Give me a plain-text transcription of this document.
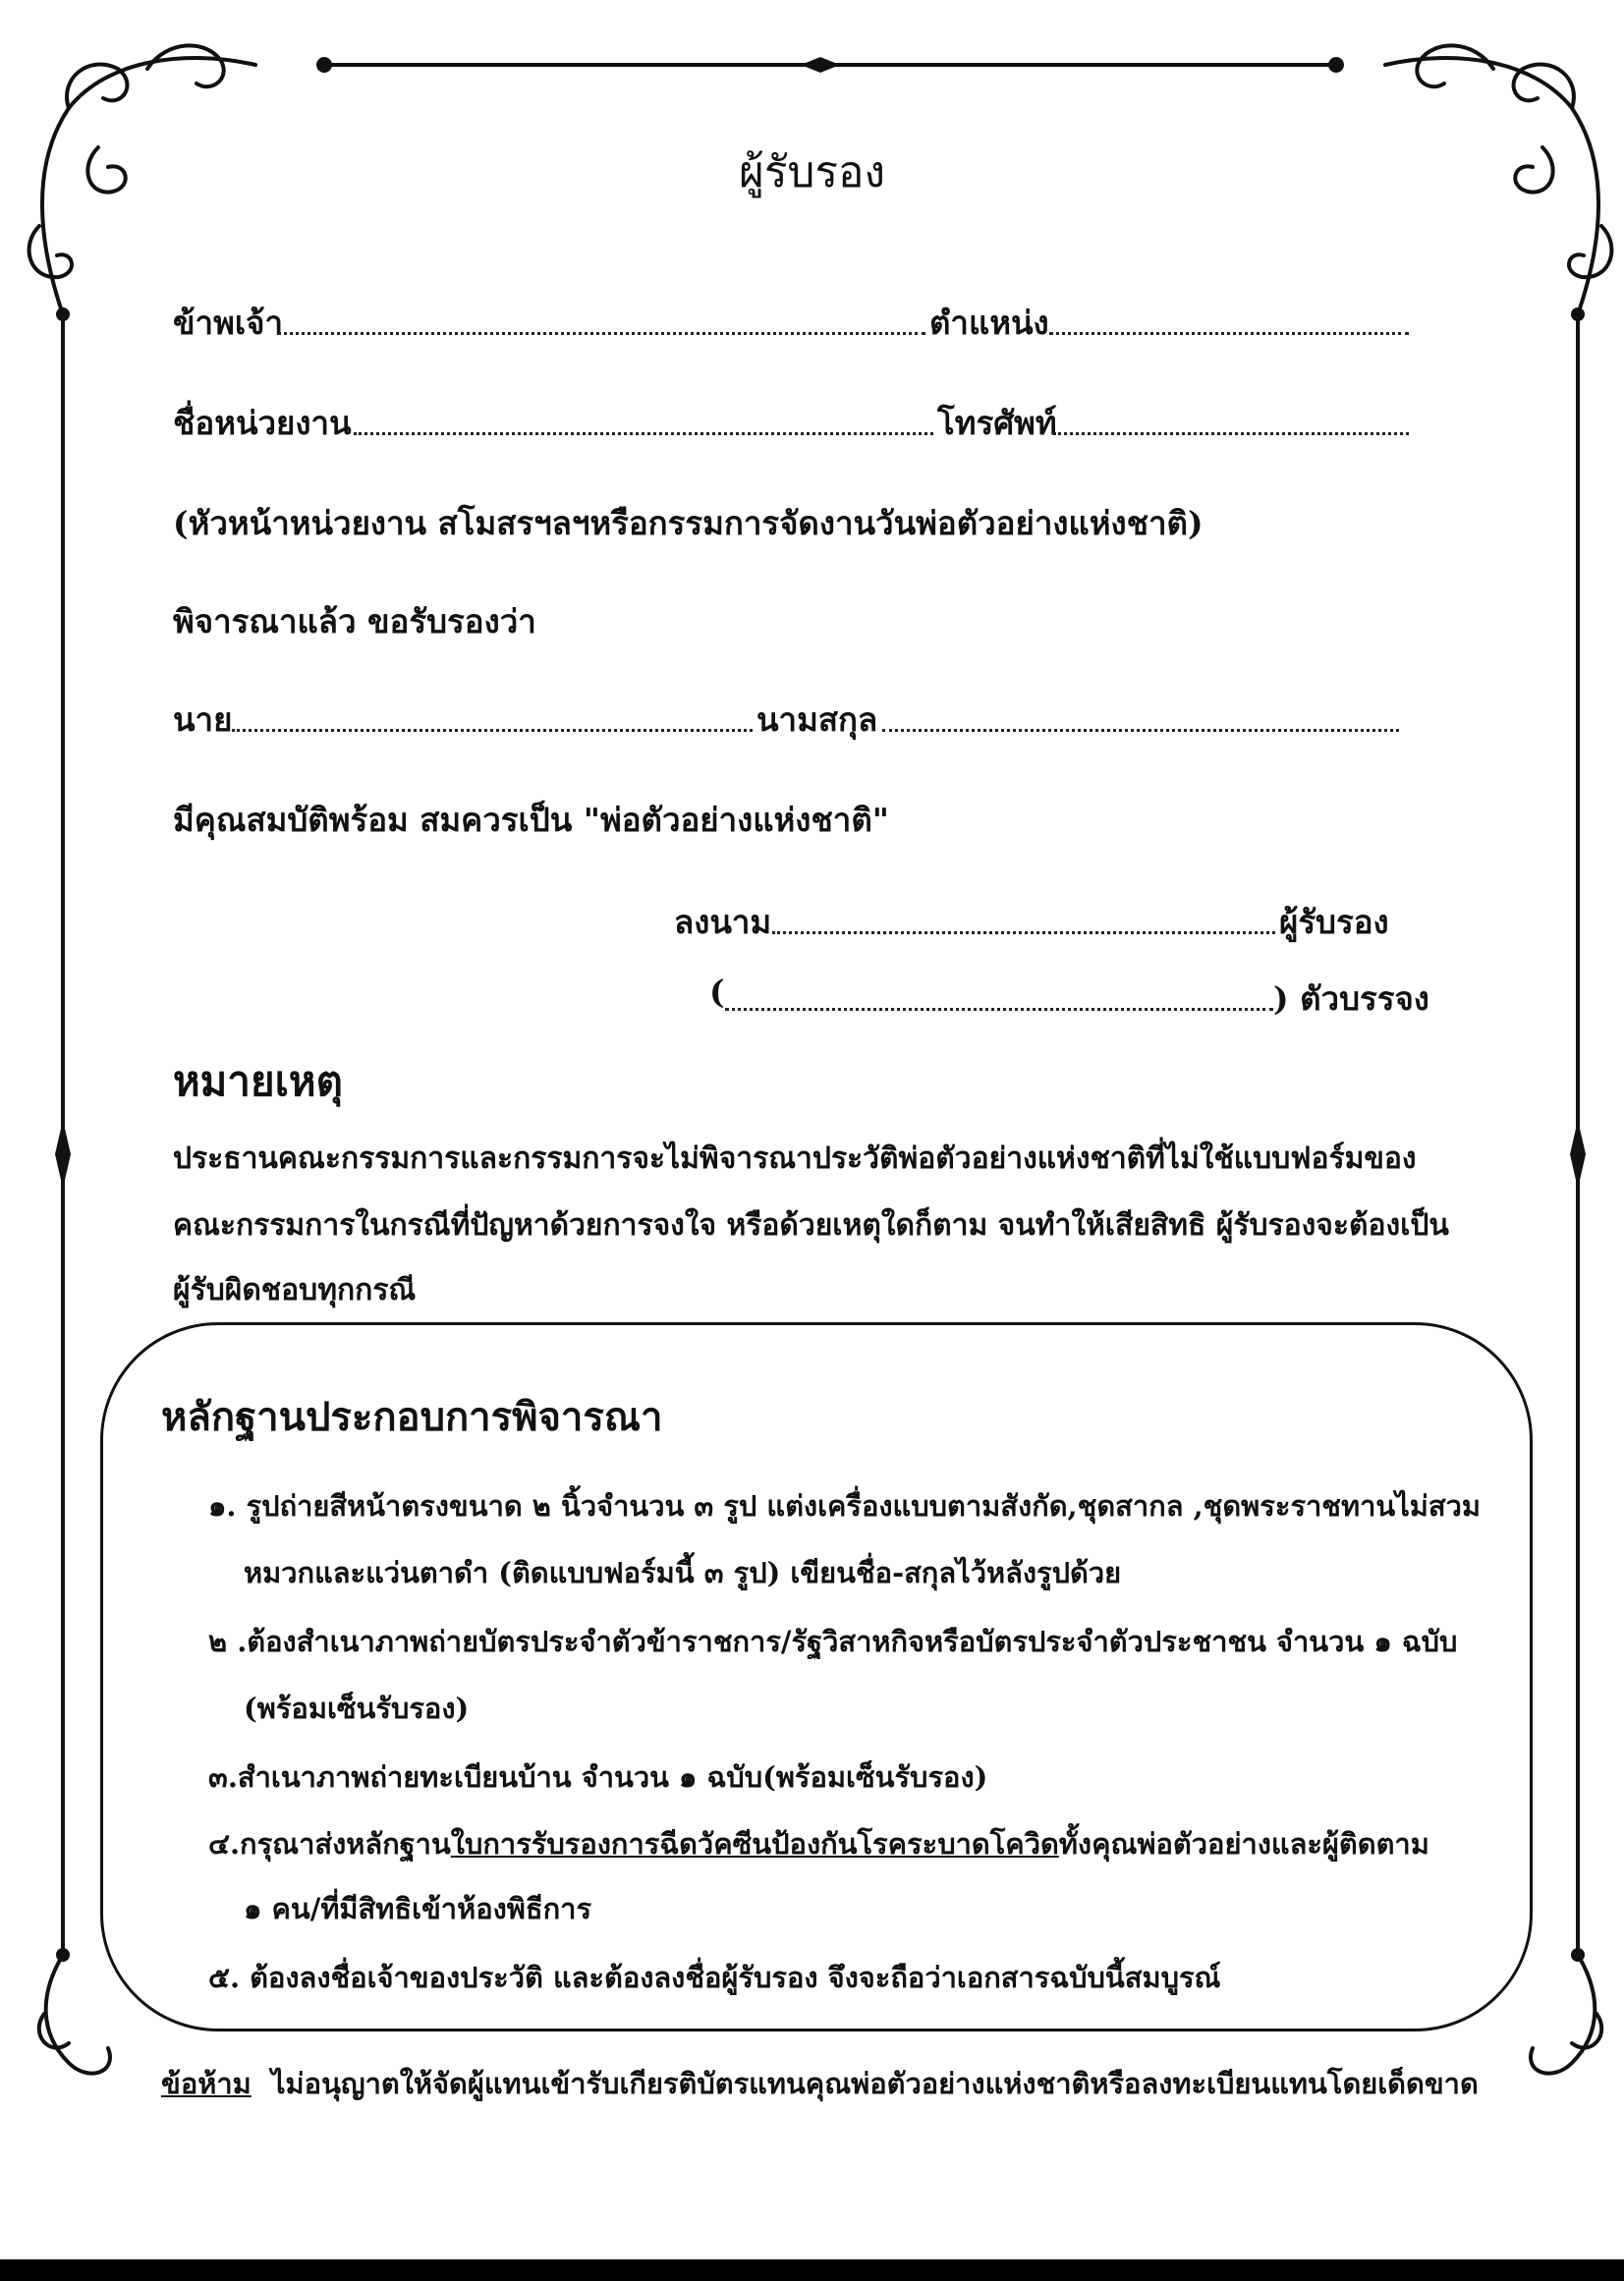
ผู้รับรอง
ข้าพเจ้า	ตำแหน่ง
ชื่อหน่วยงาน	โทรศัพท์
(หัวหน้าหน่วยงาน สโมสรฯลฯหรือกรรมการจัดงานวันพ่อตัวอย่างแห่งชาติ)
พิจารณาแล้ว ขอรับรองว่า
นาย	นามสกุล
มีคุณสมบัติพร้อม สมควรเป็น "พ่อตัวอย่างแห่งชาติ"
ลงนาม	ผู้รับรอง
(	) ตัวบรรจง
หมายเหตุ
ประธานคณะกรรมการและกรรมการจะไม่พิจารณาประวัติพ่อตัวอย่างแห่งชาติที่ไม่ใช้แบบฟอร์มของ
คณะกรรมการในกรณีที่ปัญหาด้วยการจงใจ หรือด้วยเหตุใดก็ตาม จนทำให้เสียสิทธิ ผู้รับรองจะต้องเป็น
ผู้รับผิดชอบทุกกรณี
หลักฐานประกอบการพิจารณา
๑. รูปถ่ายสีหน้าตรงขนาด ๒ นิ้วจำนวน ๓ รูป แต่งเครื่องแบบตามสังกัด,ชุดสากล ,ชุดพระราชทานไม่สวม
หมวกและแว่นตาดำ (ติดแบบฟอร์มนี้ ๓ รูป) เขียนชื่อ-สกุลไว้หลังรูปด้วย
๒ .ต้องสำเนาภาพถ่ายบัตรประจำตัวข้าราชการ/รัฐวิสาหกิจหรือบัตรประจำตัวประชาชน จำนวน ๑ ฉบับ
(พร้อมเซ็นรับรอง)
๓.สำเนาภาพถ่ายทะเบียนบ้าน จำนวน ๑ ฉบับ(พร้อมเซ็นรับรอง)
๔.กรุณาส่งหลักฐานใบการรับรองการฉีดวัคซีนป้องกันโรคระบาดโควิดทั้งคุณพ่อตัวอย่างและผู้ติดตาม
๑ คน/ที่มีสิทธิเข้าห้องพิธีการ
๕. ต้องลงชื่อเจ้าของประวัติ และต้องลงชื่อผู้รับรอง จึงจะถือว่าเอกสารฉบับนี้สมบูรณ์
ข้อห้าม ไม่อนุญาตให้จัดผู้แทนเข้ารับเกียรติบัตรแทนคุณพ่อตัวอย่างแห่งชาติหรือลงทะเบียนแทนโดยเด็ดขาด
